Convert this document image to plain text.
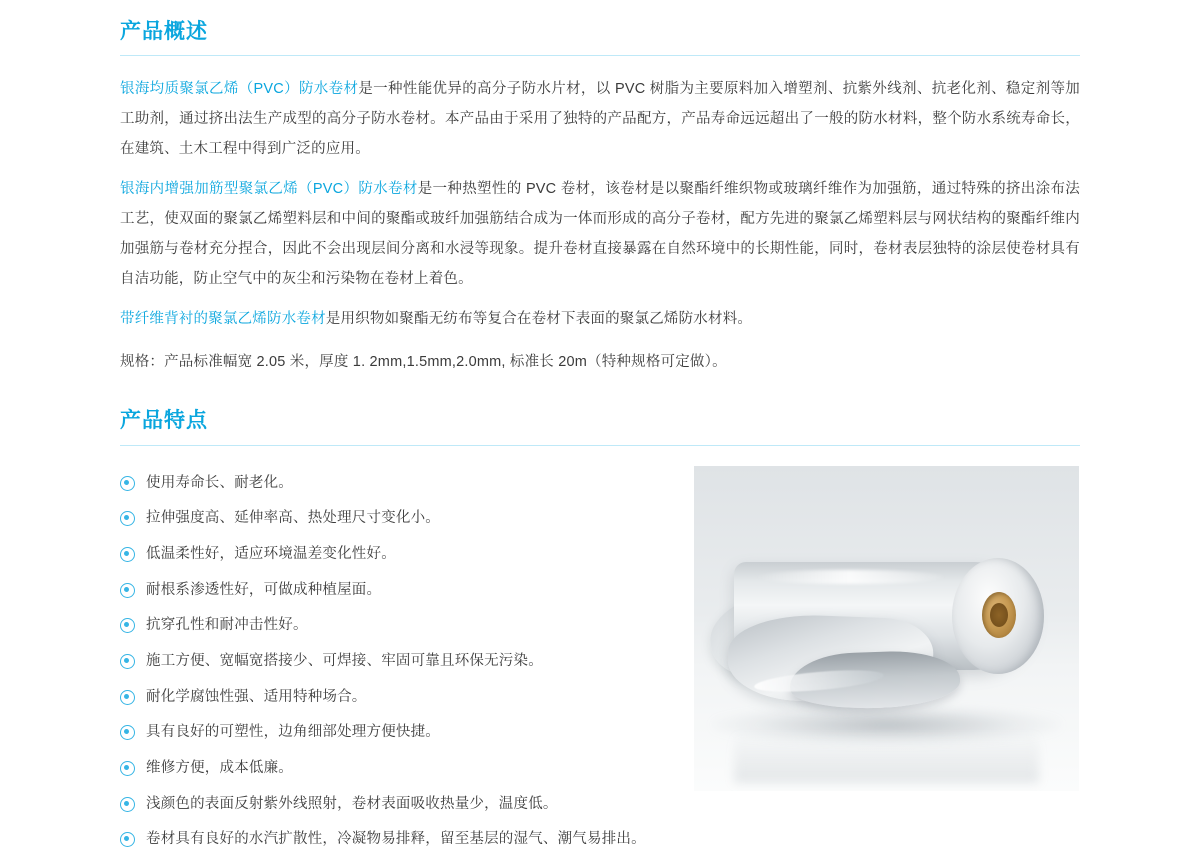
产品概述

银海均质聚氯乙烯（PVC）防水卷材是一种性能优异的高分子防水片材，以 PVC 树脂为主要原料加入增塑剂、抗紫外线剂、抗老化剂、稳定剂等加工助剂，通过挤出法生产成型的高分子防水卷材。本产品由于采用了独特的产品配方，产品寿命远远超出了一般的防水材料，整个防水系统寿命长，在建筑、土木工程中得到广泛的应用。

银海内增强加筋型聚氯乙烯（PVC）防水卷材是一种热塑性的 PVC 卷材，该卷材是以聚酯纤维织物或玻璃纤维作为加强筋，通过特殊的挤出涂布法工艺，使双面的聚氯乙烯塑料层和中间的聚酯或玻纤加强筋结合成为一体而形成的高分子卷材，配方先进的聚氯乙烯塑料层与网状结构的聚酯纤维内加强筋与卷材充分捏合，因此不会出现层间分离和水浸等现象。提升卷材直接暴露在自然环境中的长期性能，同时，卷材表层独特的涂层使卷材具有自洁功能，防止空气中的灰尘和污染物在卷材上着色。

带纤维背衬的聚氯乙烯防水卷材是用织物如聚酯无纺布等复合在卷材下表面的聚氯乙烯防水材料。

规格：产品标准幅宽 2.05 米，厚度 1. 2mm,1.5mm,2.0mm, 标准长 20m（特种规格可定做）。

产品特点
使用寿命长、耐老化。
拉伸强度高、延伸率高、热处理尺寸变化小。
低温柔性好，适应环境温差变化性好。
耐根系渗透性好，可做成种植屋面。
抗穿孔性和耐冲击性好。
施工方便、宽幅宽搭接少、可焊接、牢固可靠且环保无污染。
耐化学腐蚀性强、适用特种场合。
具有良好的可塑性，边角细部处理方便快捷。
维修方便，成本低廉。
浅颜色的表面反射紫外线照射，卷材表面吸收热量少，温度低。
卷材具有良好的水汽扩散性，冷凝物易排释，留至基层的湿气、潮气易排出。
